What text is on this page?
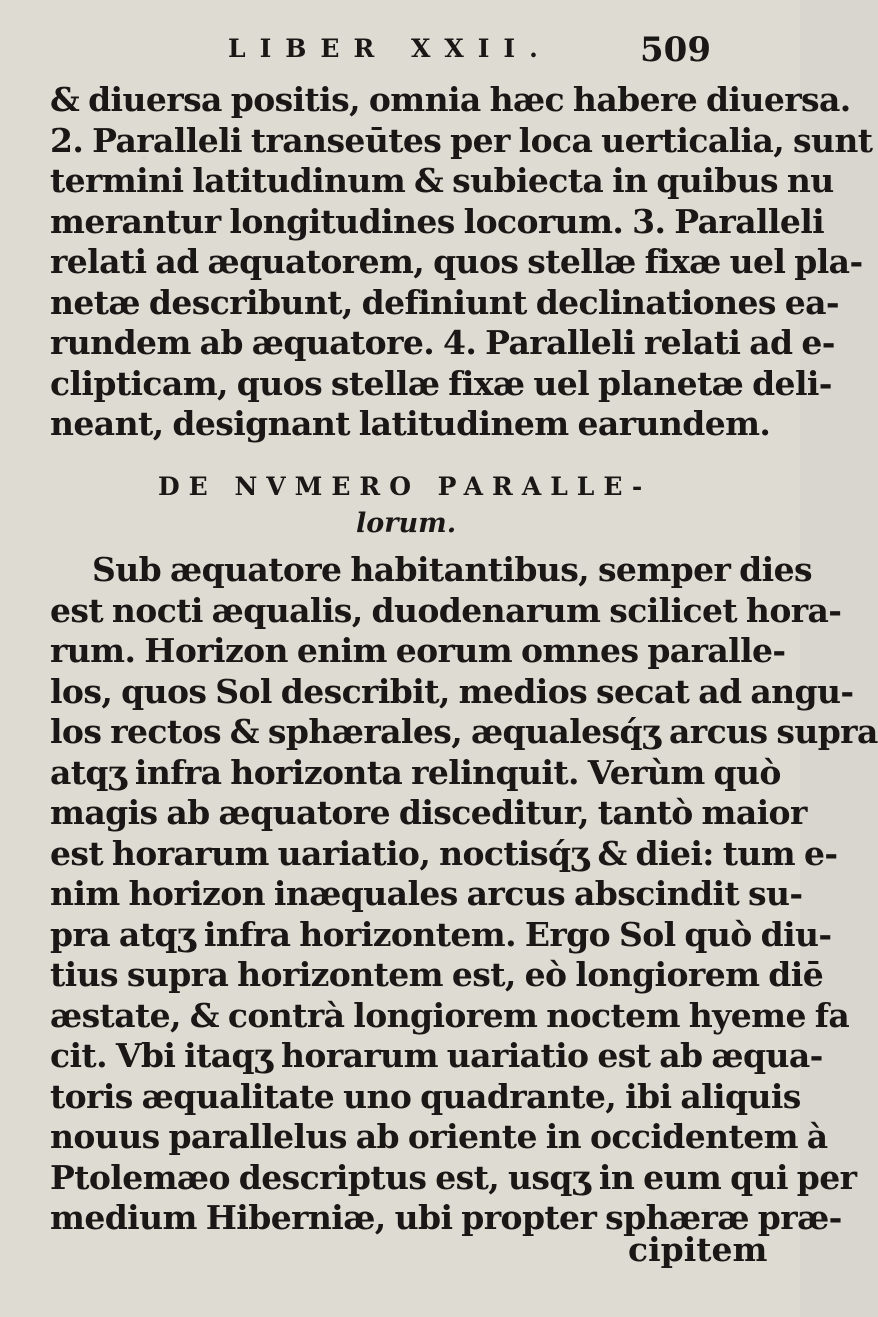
LIBER XXII.	509
& diuersa positis, omnia hæc habere diuersa.
2. Paralleli transeūtes per loca uerticalia, sunt
termini latitudinum & subiecta in quibus nu
merantur longitudines locorum. 3. Paralleli
relati ad æquatorem, quos stellæ fixæ uel pla-
netæ describunt, definiunt declinationes ea-
rundem ab æquatore. 4. Paralleli relati ad e-
clipticam, quos stellæ fixæ uel planetæ deli-
neant, designant latitudinem earundem.
DE NVMERO PARALLE-
lorum.
Sub æquatore habitantibus, semper dies
est nocti æqualis, duodenarum scilicet hora-
rum. Horizon enim eorum omnes paralle-
los, quos Sol describit, medios secat ad angu-
los rectos & sphærales, æqualesq́ʒ arcus supra
atqʒ infra horizonta relinquit. Verùm quò
magis ab æquatore disceditur, tantò maior
est horarum uariatio, noctisq́ʒ & diei: tum e-
nim horizon inæquales arcus abscindit su-
pra atqʒ infra horizontem. Ergo Sol quò diu-
tius supra horizontem est, eò longiorem diē
æstate, & contrà longiorem noctem hyeme fa
cit. Vbi itaqʒ horarum uariatio est ab æqua-
toris æqualitate uno quadrante, ibi aliquis
nouus parallelus ab oriente in occidentem à
Ptolemæo descriptus est, usqʒ in eum qui per
medium Hiberniæ, ubi propter sphæræ præ-
cipitem
